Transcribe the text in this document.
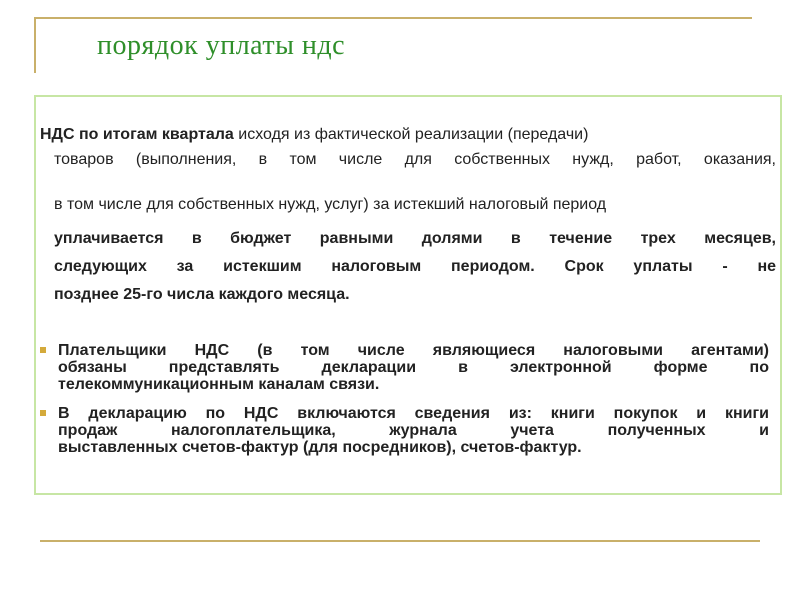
порядок уплаты ндс
НДС по итогам квартала исходя из фактической реализации (передачи)
товаров (выполнения, в том числе для собственных нужд, работ, оказания,
в том числе для собственных нужд, услуг) за истекший налоговый период
уплачивается в бюджет равными долями в течение трех месяцев,
следующих за истекшим налоговым периодом. Срок уплаты - не
позднее 25-го числа каждого месяца.
Плательщики НДС (в том числе являющиеся налоговыми агентами)
обязаны представлять декларации в электронной форме по
телекоммуникационным каналам связи.
В декларацию по НДС включаются сведения из: книги покупок и книги
продаж налогоплательщика, журнала учета полученных и
выставленных счетов-фактур (для посредников), счетов-фактур.
